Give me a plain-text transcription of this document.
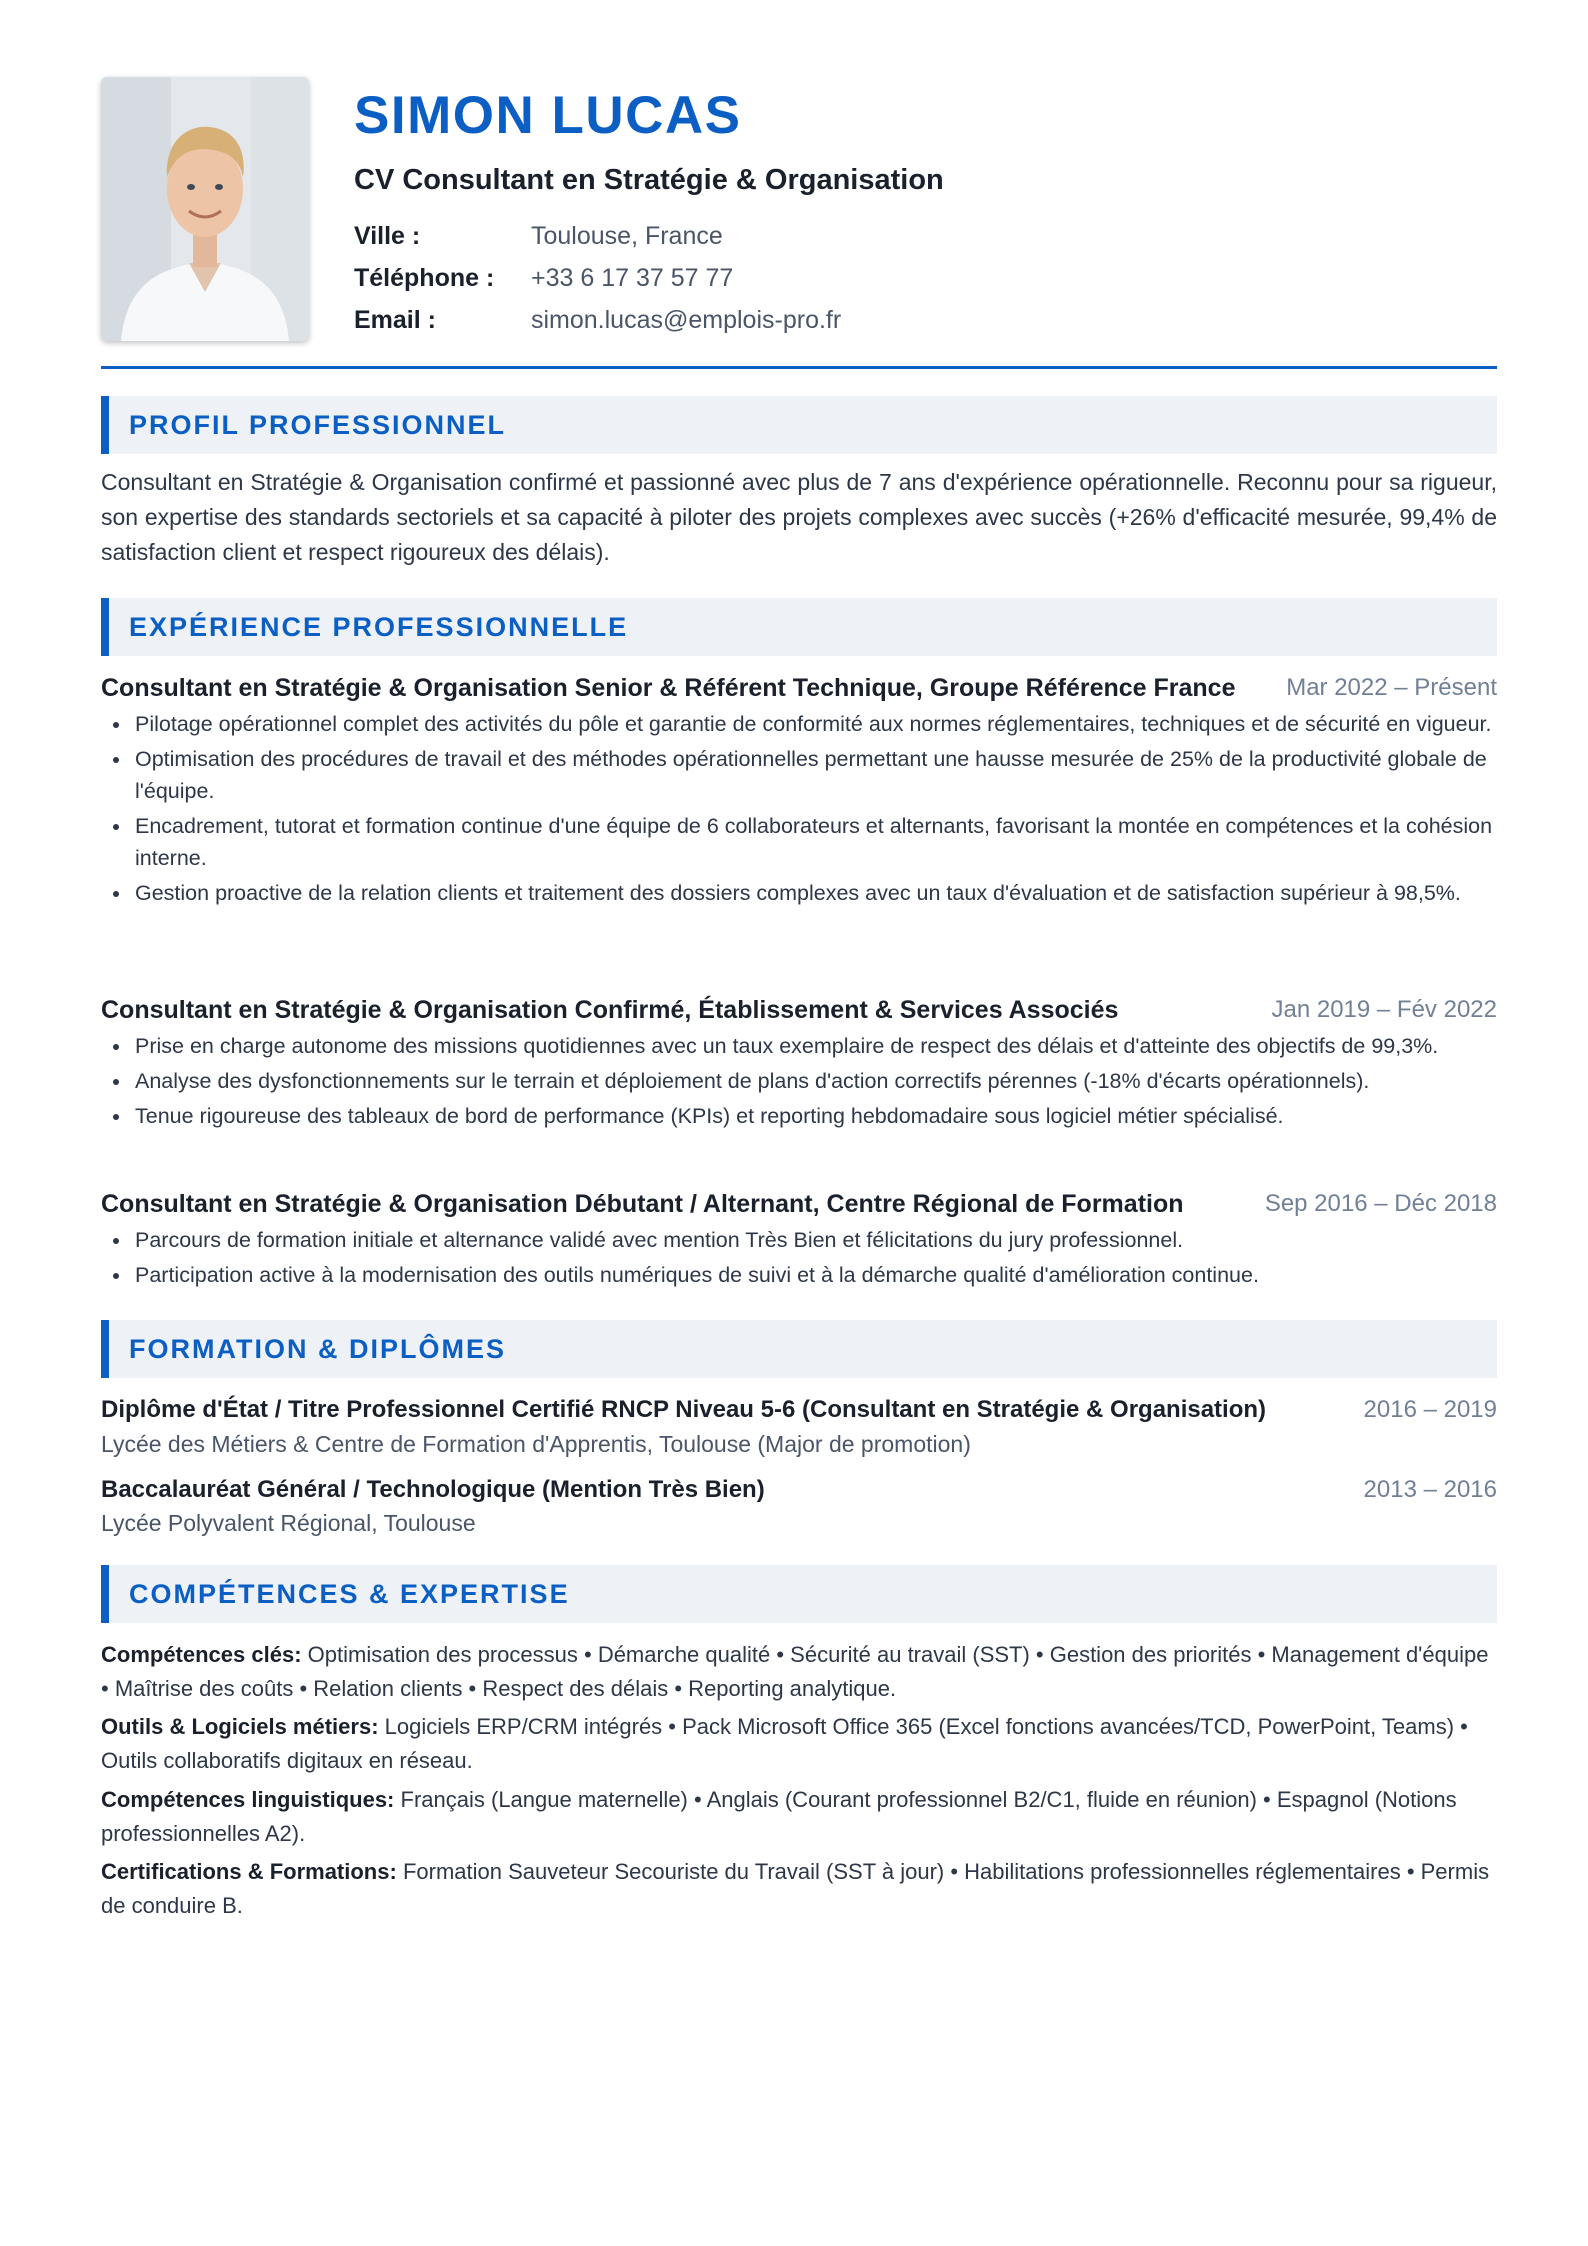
SIMON LUCAS
CV Consultant en Stratégie & Organisation
Ville :	Toulouse, France
Téléphone : +33 6 17 37 57 77
Email :	simon.lucas@emplois-pro.fr
PROFIL PROFESSIONNEL
Consultant en Stratégie & Organisation confirmé et passionné avec plus de 7 ans d'expérience opérationnelle. Reconnu pour sa rigueur, son expertise des standards sectoriels et sa capacité à piloter des projets complexes avec succès (+26% d'efficacité mesurée, 99,4% de satisfaction client et respect rigoureux des délais).
EXPÉRIENCE PROFESSIONNELLE
Consultant en Stratégie & Organisation Senior & Référent Technique, Groupe Référence France Mar 2022 – Présent
Pilotage opérationnel complet des activités du pôle et garantie de conformité aux normes réglementaires, techniques et de sécurité en vigueur.
Optimisation des procédures de travail et des méthodes opérationnelles permettant une hausse mesurée de 25% de la productivité globale de l'équipe.
Encadrement, tutorat et formation continue d'une équipe de 6 collaborateurs et alternants, favorisant la montée en compétences et la cohésion interne.
Gestion proactive de la relation clients et traitement des dossiers complexes avec un taux d'évaluation et de satisfaction supérieur à 98,5%.
Consultant en Stratégie & Organisation Confirmé, Établissement & Services Associés	Jan 2019 – Fév 2022
Prise en charge autonome des missions quotidiennes avec un taux exemplaire de respect des délais et d'atteinte des objectifs de 99,3%.
Analyse des dysfonctionnements sur le terrain et déploiement de plans d'action correctifs pérennes (-18% d'écarts opérationnels).
Tenue rigoureuse des tableaux de bord de performance (KPIs) et reporting hebdomadaire sous logiciel métier spécialisé.
Consultant en Stratégie & Organisation Débutant / Alternant, Centre Régional de Formation	Sep 2016 – Déc 2018
Parcours de formation initiale et alternance validé avec mention Très Bien et félicitations du jury professionnel.
Participation active à la modernisation des outils numériques de suivi et à la démarche qualité d'amélioration continue.
FORMATION & DIPLÔMES
Diplôme d'État / Titre Professionnel Certifié RNCP Niveau 5-6 (Consultant en Stratégie & Organisation)	2016 – 2019
Lycée des Métiers & Centre de Formation d'Apprentis, Toulouse (Major de promotion)
Baccalauréat Général / Technologique (Mention Très Bien)	2013 – 2016
Lycée Polyvalent Régional, Toulouse
COMPÉTENCES & EXPERTISE
Compétences clés: Optimisation des processus • Démarche qualité • Sécurité au travail (SST) • Gestion des priorités • Management d'équipe • Maîtrise des coûts • Relation clients • Respect des délais • Reporting analytique.
Outils & Logiciels métiers: Logiciels ERP/CRM intégrés • Pack Microsoft Office 365 (Excel fonctions avancées/TCD, PowerPoint, Teams) • Outils collaboratifs digitaux en réseau.
Compétences linguistiques: Français (Langue maternelle) • Anglais (Courant professionnel B2/C1, fluide en réunion) • Espagnol (Notions professionnelles A2).
Certifications & Formations: Formation Sauveteur Secouriste du Travail (SST à jour) • Habilitations professionnelles réglementaires • Permis de conduire B.
